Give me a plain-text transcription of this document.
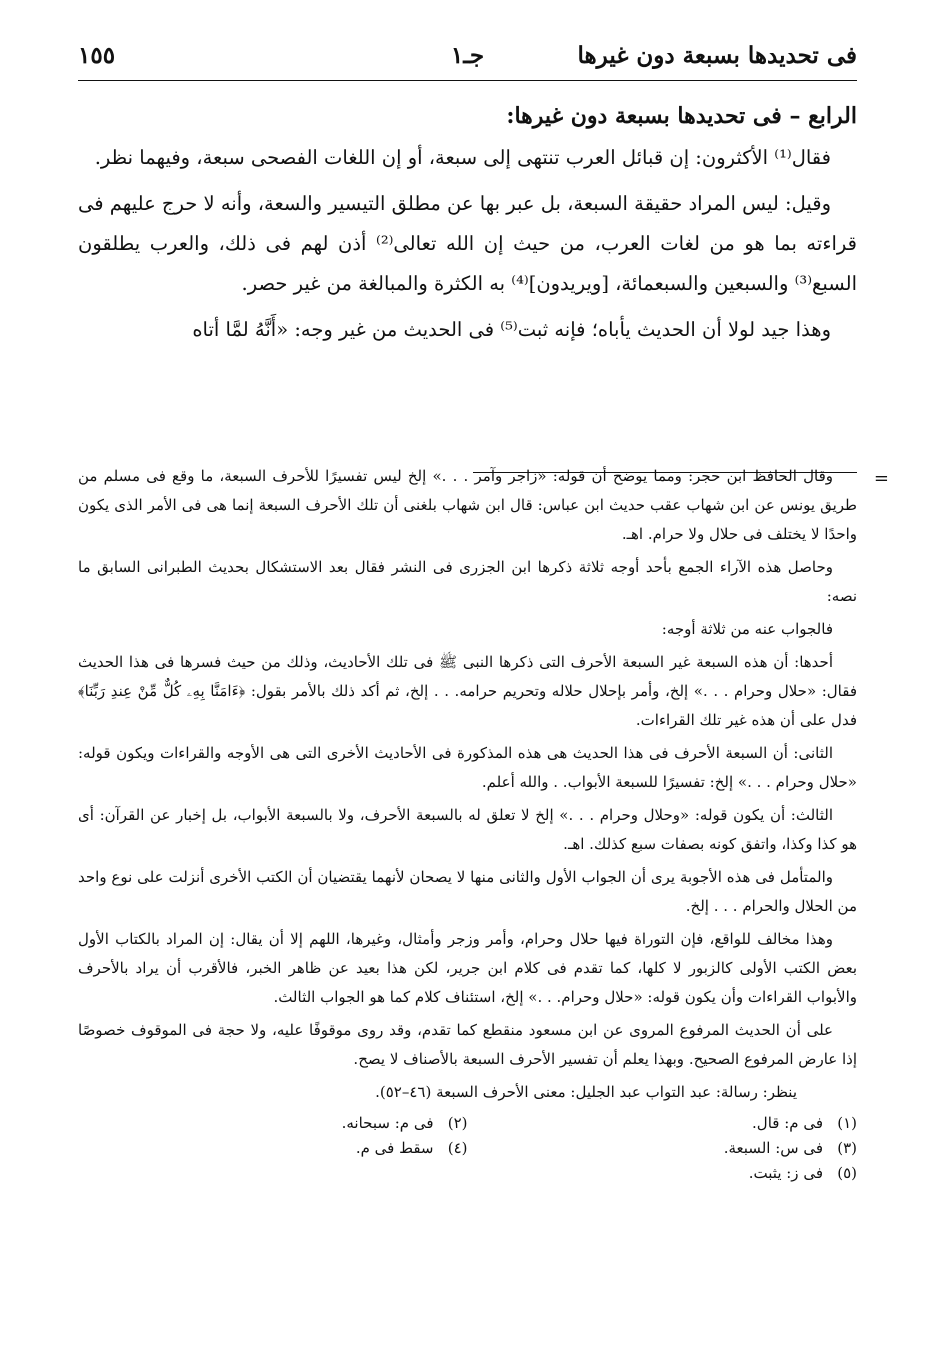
فى تحديدها بسبعة دون غيرها
جـ١
١٥٥

الرابع – فى تحديدها بسبعة دون غيرها:

فقال⁽¹⁾ الأكثرون: إن قبائل العرب تنتهى إلى سبعة، أو إن اللغات الفصحى سبعة، وفيهما نظر.

وقيل: ليس المراد حقيقة السبعة، بل عبر بها عن مطلق التيسير والسعة، وأنه لا حرج عليهم فى قراءته بما هو من لغات العرب، من حيث إن الله تعالى⁽²⁾ أذن لهم فى ذلك، والعرب يطلقون السبع⁽³⁾ والسبعين والسبعمائة، [ويريدون]⁽⁴⁾ به الكثرة والمبالغة من غير حصر.

وهذا جيد لولا أن الحديث يأباه؛ فإنه ثبت⁽⁵⁾ فى الحديث من غير وجه: «أَنَّهُ لمَّا أتاه

=

وقال الحافظ ابن حجر: ومما يوضح أن قوله: «زاجر وآمر . . .» إلخ ليس تفسيرًا للأحرف السبعة، ما وقع فى مسلم من طريق يونس عن ابن شهاب عقب حديث ابن عباس: قال ابن شهاب بلغنى أن تلك الأحرف السبعة إنما هى فى الأمر الذى يكون واحدًا لا يختلف فى حلال ولا حرام. اهـ.

وحاصل هذه الآراء الجمع بأحد أوجه ثلاثة ذكرها ابن الجزرى فى النشر فقال بعد الاستشكال بحديث الطبرانى السابق ما نصه:

فالجواب عنه من ثلاثة أوجه:

أحدها: أن هذه السبعة غير السبعة الأحرف التى ذكرها النبى ﷺ فى تلك الأحاديث، وذلك من حيث فسرها فى هذا الحديث فقال: «حلال وحرام . . .» إلخ، وأمر بإحلال حلاله وتحريم حرامه. . . إلخ، ثم أكد ذلك بالأمر بقول: ﴿ءَامَنَّا بِهِۦ كُلٌّ مِّنْ عِندِ رَبِّنَا﴾ فدل على أن هذه غير تلك القراءات.

الثانى: أن السبعة الأحرف فى هذا الحديث هى هذه المذكورة فى الأحاديث الأخرى التى هى الأوجه والقراءات ويكون قوله: «حلال وحرام . . .» إلخ: تفسيرًا للسبعة الأبواب. . والله أعلم.

الثالث: أن يكون قوله: «وحلال وحرام . . .» إلخ لا تعلق له بالسبعة الأحرف، ولا بالسبعة الأبواب، بل إخبار عن القرآن: أى هو كذا وكذا، واتفق كونه بصفات سبع كذلك. اهـ.

والمتأمل فى هذه الأجوبة يرى أن الجواب الأول والثانى منها لا يصحان لأنهما يقتضيان أن الكتب الأخرى أنزلت على نوع واحد من الحلال والحرام . . . إلخ.

وهذا مخالف للواقع، فإن التوراة فيها حلال وحرام، وأمر وزجر وأمثال، وغيرها، اللهم إلا أن يقال: إن المراد بالكتاب الأول بعض الكتب الأولى كالزبور لا كلها، كما تقدم فى كلام ابن جرير، لكن هذا بعيد عن ظاهر الخبر، فالأقرب أن يراد بالأحرف والأبواب القراءات وأن يكون قوله: «حلال وحرام. . .» إلخ، استئناف كلام كما هو الجواب الثالث.

على أن الحديث المرفوع المروى عن ابن مسعود منقطع كما تقدم، وقد روى موقوفًا عليه، ولا حجة فى الموقوف خصوصًا إذا عارض المرفوع الصحيح. وبهذا يعلم أن تفسير الأحرف السبعة بالأصناف لا يصح.

ينظر: رسالة: عبد التواب عبد الجليل: معنى الأحرف السبعة (٤٦–٥٢).

(١)فى م: قال.
(٢)فى م: سبحانه.
(٣)فى س: السبعة.
(٤)سقط فى م.
(٥)فى ز: يثبت.
